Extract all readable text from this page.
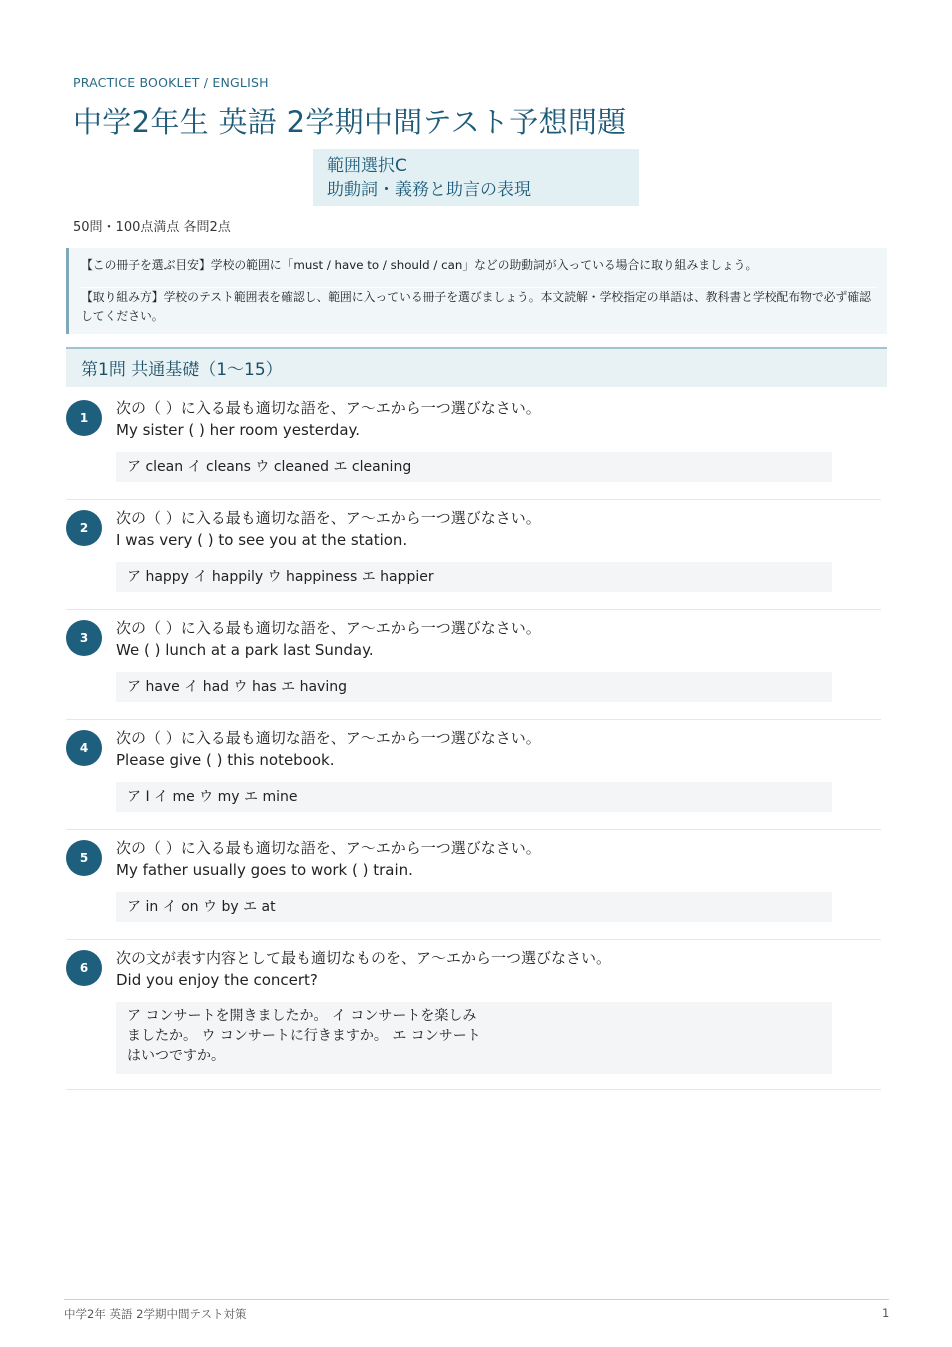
PRACTICE BOOKLET / ENGLISH
中学2年生 英語 2学期中間テスト予想問題
範囲選択C
助動詞・義務と助言の表現
50問・100点満点 各問2点

【この冊子を選ぶ目安】学校の範囲に「must / have to / should / can」などの助動詞が入っている場合に取り組みましょう。

【取り組み方】学校のテスト範囲表を確認し、範囲に入っている冊子を選びましょう。本文読解・学校指定の単語は、教科書と学校配布物で必ず確認してください。

第1問 共通基礎（1〜15）
1
次の（ ）に入る最も適切な語を、ア〜エから一つ選びなさい。
My sister ( ) her room yesterday.
ア clean イ cleans ウ cleaned エ cleaning
2
次の（ ）に入る最も適切な語を、ア〜エから一つ選びなさい。
I was very ( ) to see you at the station.
ア happy イ happily ウ happiness エ happier
3
次の（ ）に入る最も適切な語を、ア〜エから一つ選びなさい。
We ( ) lunch at a park last Sunday.
ア have イ had ウ has エ having
4
次の（ ）に入る最も適切な語を、ア〜エから一つ選びなさい。
Please give ( ) this notebook.
ア I イ me ウ my エ mine
5
次の（ ）に入る最も適切な語を、ア〜エから一つ選びなさい。
My father usually goes to work ( ) train.
ア in イ on ウ by エ at
6
次の文が表す内容として最も適切なものを、ア〜エから一つ選びなさい。
Did you enjoy the concert?
ア コンサートを開きましたか。 イ コンサートを楽しみましたか。 ウ コンサートに行きますか。 エ コンサートはいつですか。
中学2年 英語 2学期中間テスト対策	1
